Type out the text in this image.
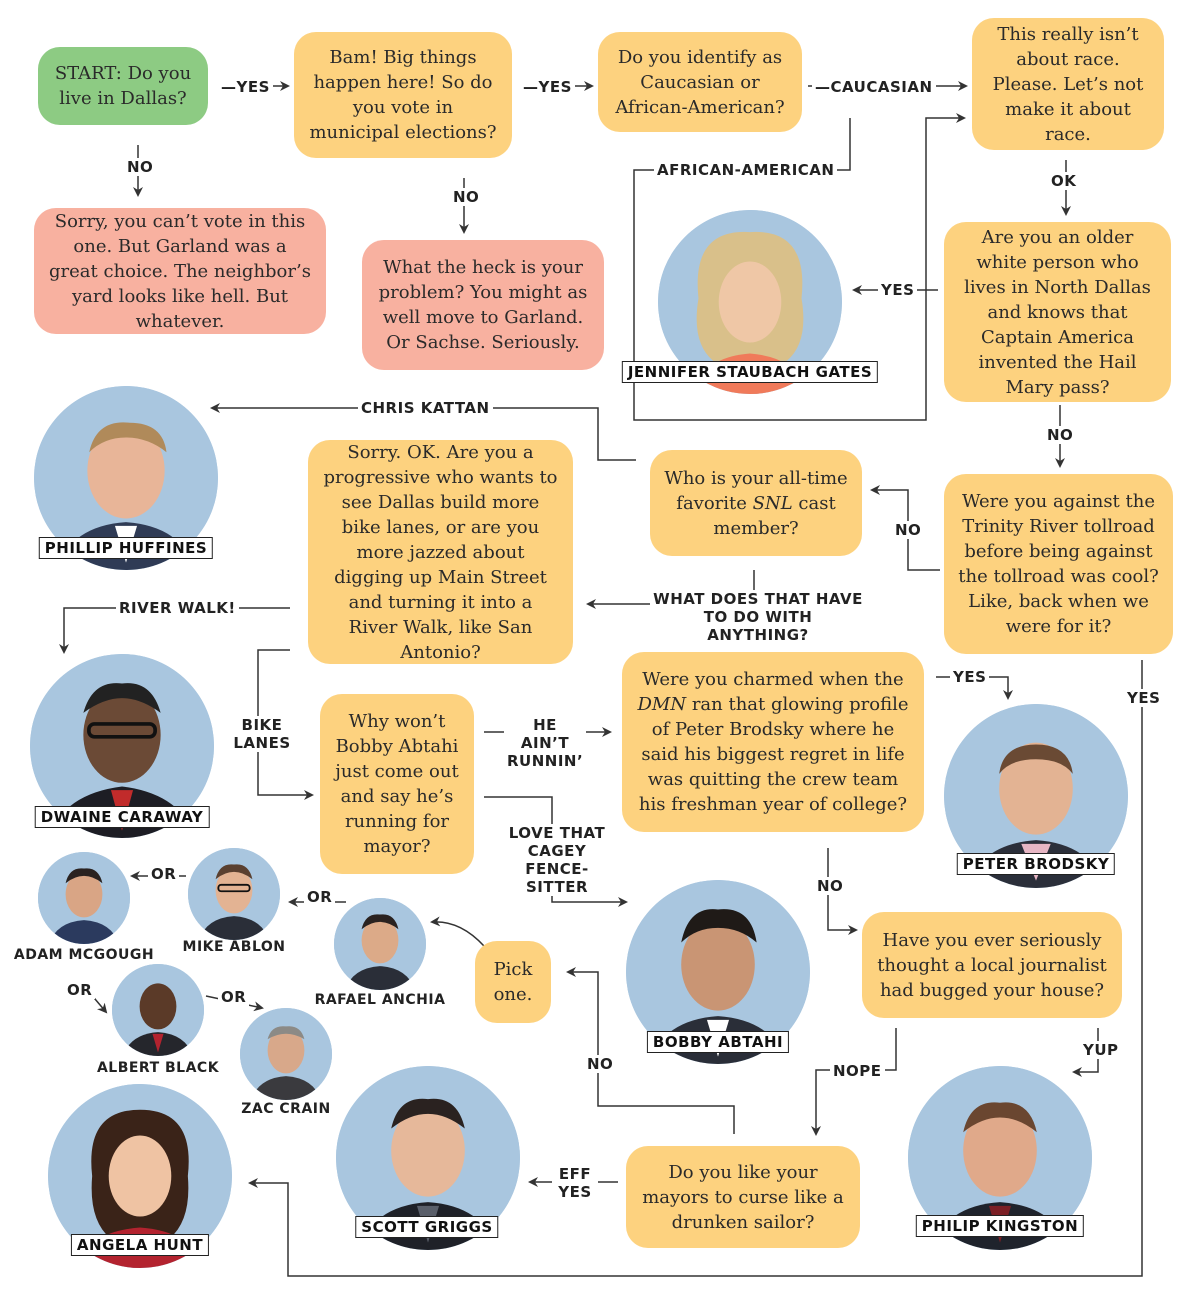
START: Do you live in Dallas?
Bam! Big things happen here! So do you vote in municipal elections?
Do you identify as Caucasian or African-American?
This really isn’t about race. Please. Let’s not make it about race.
Sorry, you can’t vote in this one. But Garland was a great choice. The neighbor’s yard looks like hell. But whatever.
What the heck is your problem? You might as well move to Garland. Or Sachse. Seriously.
Are you an older white person who lives in North Dallas and knows that Captain America invented the Hail Mary pass?
Were you against the Trinity River tollroad before being against the tollroad was cool? Like, back when we were for it?
Who is your all-time favorite SNL cast member?
Sorry. OK. Are you a progressive who wants to see Dallas build more bike lanes, or are you more jazzed about digging up Main Street and turning it into a River Walk, like San Antonio?
Why won’t Bobby Abtahi just come out and say he’s running for mayor?
Were you charmed when the DMN ran that glowing profile of Peter Brodsky where he said his biggest regret in life was quitting the crew team his freshman year of college?
Have you ever seriously thought a local journalist had bugged your house?
Do you like your mayors to curse like a drunken sailor?
Pick one.
—YES	—YES	—CAUCASIAN
NO
NO
AFRICAN-AMERICAN
OK
YES
NO
CHRIS KATTAN
NO
WHAT DOES THAT HAVE TO DO WITH ANYTHING?
RIVER WALK!
BIKE LANES
HE AIN’T RUNNIN’
YES
YES
LOVE THAT CAGEY FENCE-SITTER	NO
YUP
NOPE
NO
EFF YES
OR
OR
OR	OR
JENNIFER STAUBACH GATES
PHILLIP HUFFINES
DWAINE CARAWAY
PETER BRODSKY
BOBBY ABTAHI
PHILIP KINGSTON
SCOTT GRIGGS
ANGELA HUNT
ADAM MCGOUGH MIKE ABLON
RAFAEL ANCHIA
ALBERT BLACK
ZAC CRAIN
